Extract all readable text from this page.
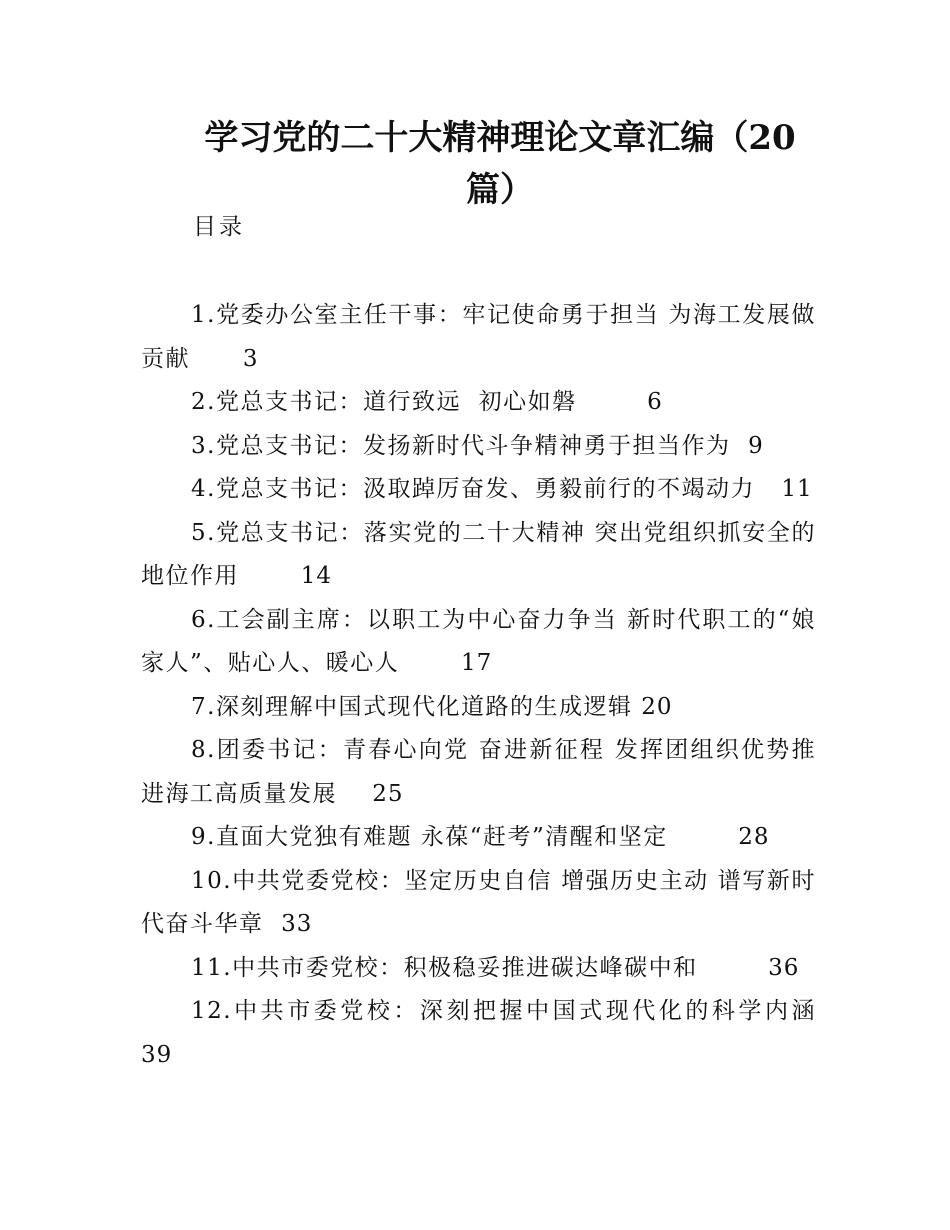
学习党的二十大精神理论文章汇编（20篇）
目录
1.党委办公室主任干事：牢记使命勇于担当 为海工发展做贡献 3
2.党总支书记：道行致远  初心如磐	6
3.党总支书记：发扬新时代斗争精神勇于担当作为 9
4.党总支书记：汲取踔厉奋发、勇毅前行的不竭动力 11
5.党总支书记：落实党的二十大精神 突出党组织抓安全的地位作用	14
6.工会副主席：以职工为中心奋力争当 新时代职工的“娘家人”、贴心人、暖心人	17
7.深刻理解中国式现代化道路的生成逻辑 20
8.团委书记：青春心向党 奋进新征程 发挥团组织优势推进海工高质量发展 25
9.直面大党独有难题 永葆“赶考”清醒和坚定	28
10.中共党委党校：坚定历史自信 增强历史主动 谱写新时代奋斗华章 33
11.中共市委党校：积极稳妥推进碳达峰碳中和	36
12.中共市委党校：深刻把握中国式现代化的科学内涵    39
